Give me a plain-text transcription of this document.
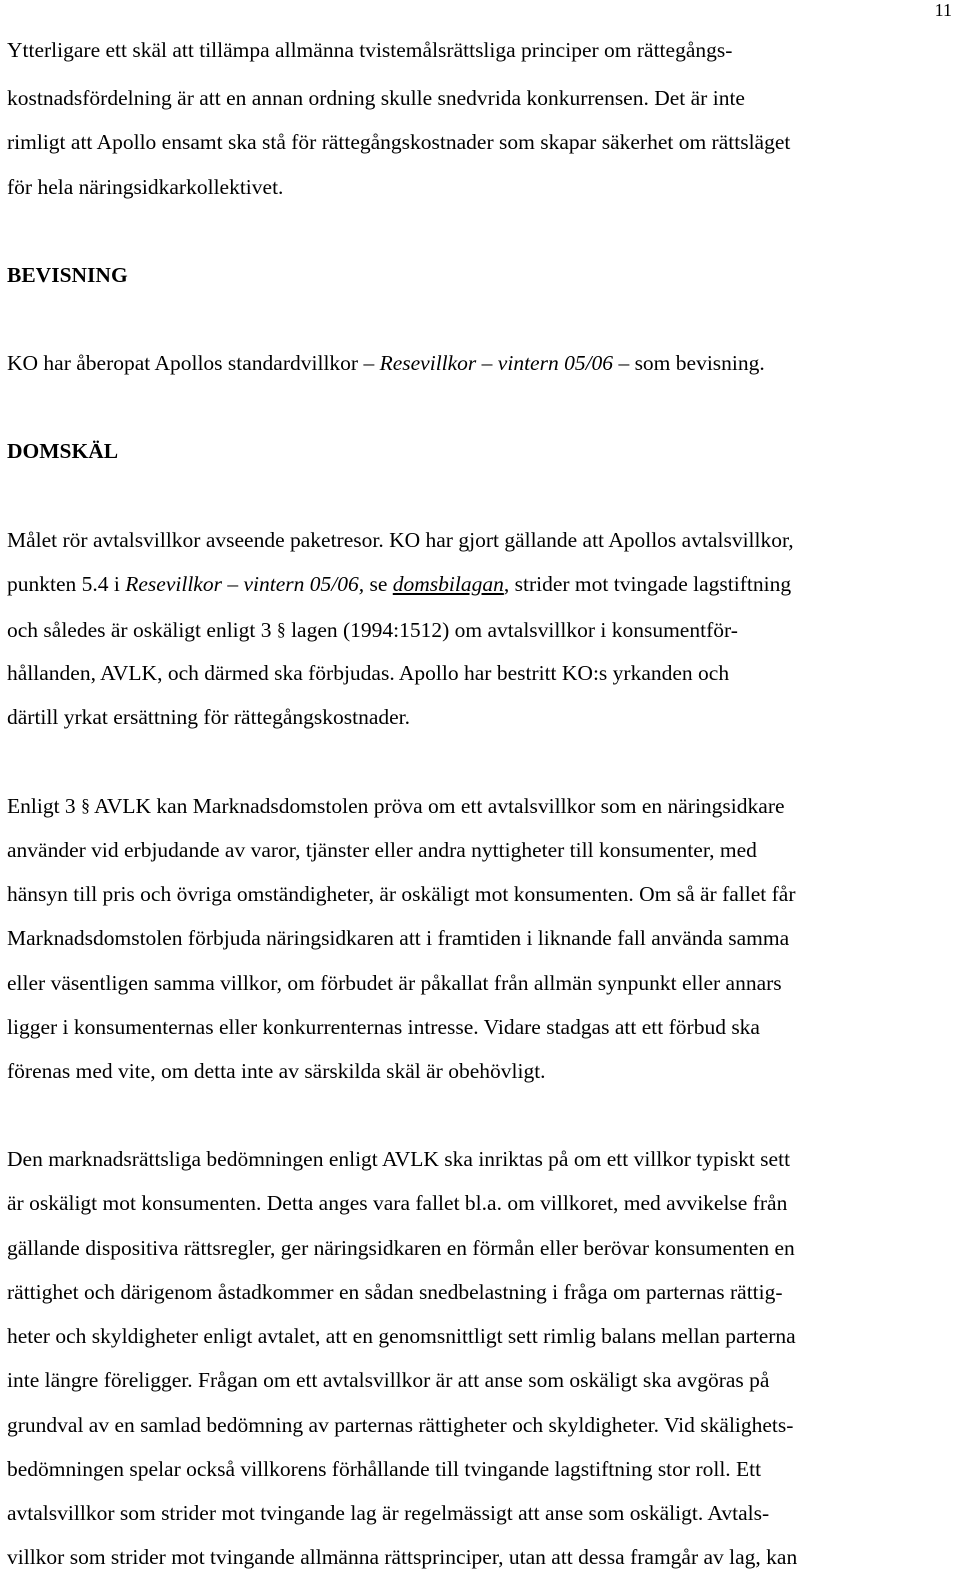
11
Ytterligare ett skäl att tillämpa allmänna tvistemålsrättsliga principer om rättegångs-
kostnadsfördelning är att en annan ordning skulle snedvrida konkurrensen. Det är inte
rimligt att Apollo ensamt ska stå för rättegångskostnader som skapar säkerhet om rättsläget
för hela näringsidkarkollektivet.
BEVISNING
KO har åberopat Apollos standardvillkor – Resevillkor – vintern 05/06 – som bevisning.
DOMSKÄL
Målet rör avtalsvillkor avseende paketresor. KO har gjort gällande att Apollos avtalsvillkor,
punkten 5.4 i Resevillkor – vintern 05/06, se domsbilagan, strider mot tvingade lagstiftning
och således är oskäligt enligt 3 § lagen (1994:1512) om avtalsvillkor i konsumentför-
hållanden, AVLK, och därmed ska förbjudas. Apollo har bestritt KO:s yrkanden och
därtill yrkat ersättning för rättegångskostnader.
Enligt 3 § AVLK kan Marknadsdomstolen pröva om ett avtalsvillkor som en näringsidkare
använder vid erbjudande av varor, tjänster eller andra nyttigheter till konsumenter, med
hänsyn till pris och övriga omständigheter, är oskäligt mot konsumenten. Om så är fallet får
Marknadsdomstolen förbjuda näringsidkaren att i framtiden i liknande fall använda samma
eller väsentligen samma villkor, om förbudet är påkallat från allmän synpunkt eller annars
ligger i konsumenternas eller konkurrenternas intresse. Vidare stadgas att ett förbud ska
förenas med vite, om detta inte av särskilda skäl är obehövligt.
Den marknadsrättsliga bedömningen enligt AVLK ska inriktas på om ett villkor typiskt sett
är oskäligt mot konsumenten. Detta anges vara fallet bl.a. om villkoret, med avvikelse från
gällande dispositiva rättsregler, ger näringsidkaren en förmån eller berövar konsumenten en
rättighet och därigenom åstadkommer en sådan snedbelastning i fråga om parternas rättig-
heter och skyldigheter enligt avtalet, att en genomsnittligt sett rimlig balans mellan parterna
inte längre föreligger. Frågan om ett avtalsvillkor är att anse som oskäligt ska avgöras på
grundval av en samlad bedömning av parternas rättigheter och skyldigheter. Vid skälighets-
bedömningen spelar också villkorens förhållande till tvingande lagstiftning stor roll. Ett
avtalsvillkor som strider mot tvingande lag är regelmässigt att anse som oskäligt. Avtals-
villkor som strider mot tvingande allmänna rättsprinciper, utan att dessa framgår av lag, kan
